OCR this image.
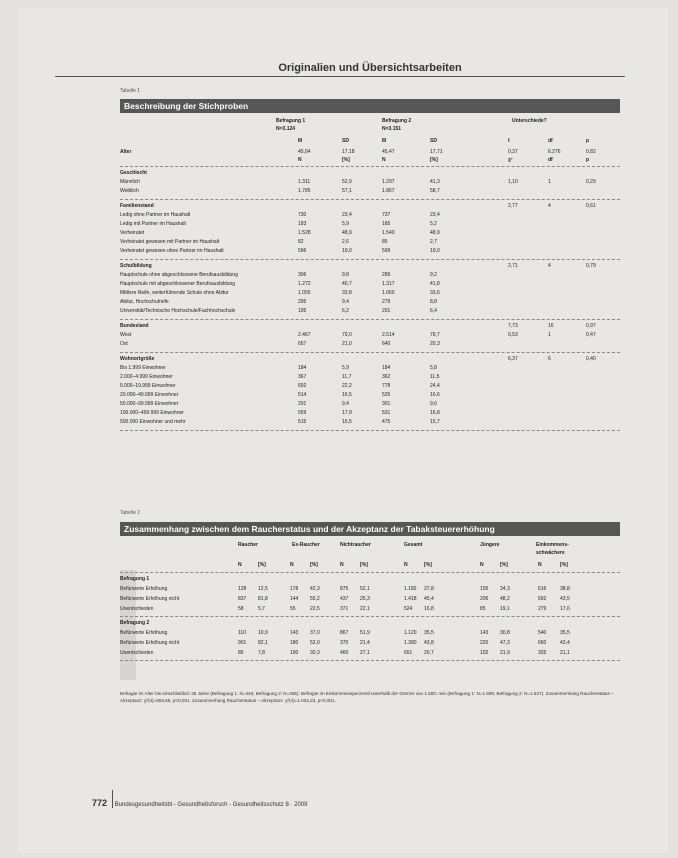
Originalien und Übersichtsarbeiten
Tabelle 1
Beschreibung der Stichproben
Befragung 1	Befragung 2	Unterschiede?
N=3.124	N=3.151
M	SD	M	SD	t	df	p
Alter	45,64	17,18	45,47	17,71	0,37	6.276	0,82
N	[%]	N	[%]	χ²	df	p
Geschlecht
Männlich	1.311	52,9	1.297	41,3	1,10	1	0,29
Weiblich	1.785	57,1	1.867	58,7
Familienstand	2,77	4	0,61
Ledig ohne Partner im Haushalt	730	23,4	737	23,4
Ledig mit Partner im Haushalt	183	5,9	165	5,2
Verheiratet	1.528	48,9	1.540	48,9
Verheiratet gewesen mit Partner im Haushalt	82	2,6	85	2,7
Verheiratet gewesen ohne Partner im Haushalt	596	19,0	599	19,0
Schulbildung	2,71	4	0,79
Hauptschule ohne abgeschlossene Berufsausbildung	306	9,8	289	9,2
Hauptschule mit abgeschlossener Berufsausbildung	1.272	40,7	1.317	41,8
Mittlere Reife, weiterführende Schule ohne Abitur	1.055	33,8	1.060	33,6
Abitur, Hochschulreife	295	9,4	279	8,8
Universität/Technische Hochschule/Fachhochschule	195	6,2	201	6,4
Bundesland	7,73	16	0,97
West	2.467	79,0	2.514	79,7	0,53	1	0,47
Ost	657	21,0	640	20,3
Wohnortgröße	6,37	6	0,40
Bis 1.999 Einwohner	184	5,9	184	5,8
2.000–4.999 Einwohner	367	11,7	362	11,5
5.000–19.999 Einwohner	692	22,2	778	24,4
20.000–49.999 Einwohner	514	16,5	525	16,6
50.000–99.999 Einwohner	291	9,4	301	9,6
100.000–499.999 Einwohner	559	17,9	531	16,8
500.000 Einwohner und mehr	515	16,5	475	15,7
Tabelle 2
Zusammenhang zwischen dem Raucherstatus und der Akzeptanz der Tabaksteuererhöhung
Raucher	Ex-Raucher	Nichtraucher	Gesamt	Jüngere	Einkommens-
schwächere
N	[%]	N	[%]	N	[%]	N	[%]	N	[%]	N	[%]
Befragung 1
Befürworte Erhöhung	128 12,5	178 42,3	875 52,1	1.182 37,8	155 34,3	616	38,8
Befürworte Erhöhung nicht	837 81,8	144 55,2	437 25,3	1.418 45,4	206 48,2	692	43,5
Unentschieden	58	5,7	55	22,5	371 22,1	524 16,8	85	19,1	279	17,6
Befragung 2
Befürworte Erhöhung	110 10,9	143 37,0	867 51,9	1.120 35,5	143 30,8	540	35,5
Befürworte Erhöhung nicht	901 82,1	180 52,0	370 21,4	1.380 43,8	220 47,3	660	43,4
Unentschieden	85	7,8	100 30,3	460 27,1	651 20,7	102 21,9	325	21,1
Befragte im Alter bis einschließlich 25 Jahre (Befragung 1: N=446; Befragung 2: N=465). Befragte im Einkommensperzentil unterhalb der Grenze von 1.500; rein (Befragung 1: N=1.595; Befragung 2: N=1.527). Zusammenhang Raucherstatus – Akzeptanz: χ²(4)=656,55, p<0,001. Zusammenhang Raucherstatus – Akzeptanz: χ²(4)=1.034,23, p<0,001.
772 Bundesgesundheitsbl - Gesundheitsforsch - Gesundheitsschutz 8 · 2009
